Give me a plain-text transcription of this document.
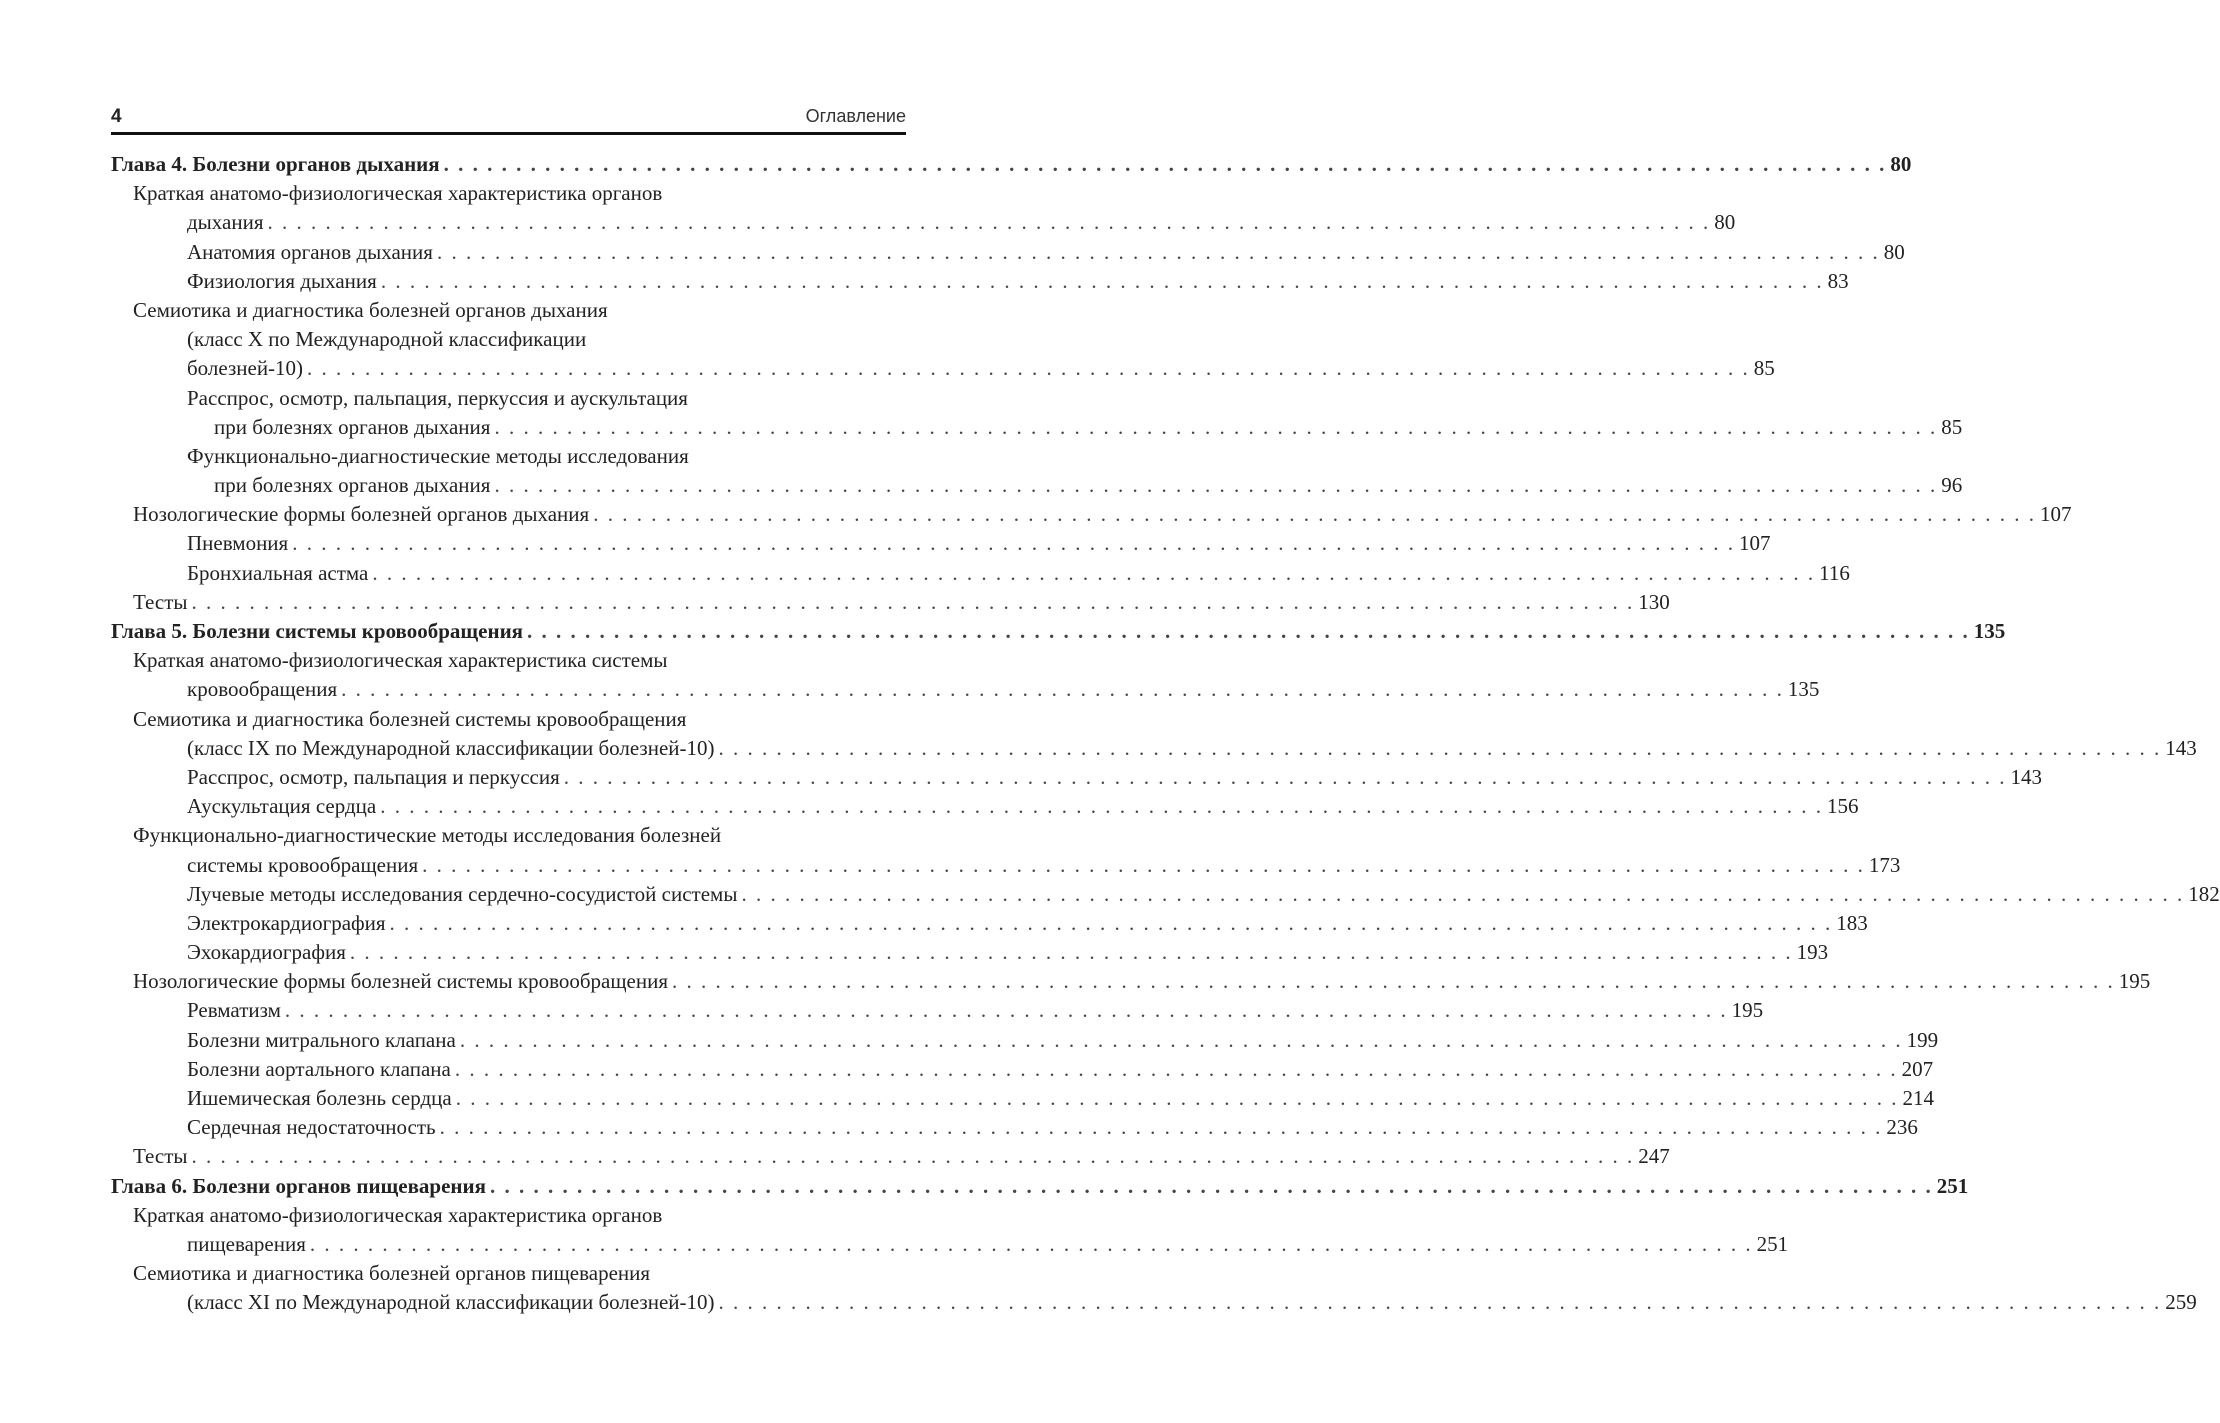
4	Оглавление
Глава 4. Болезни органов дыхания . . .	80
Краткая анатомо-физиологическая характеристика органов
дыхания . . .	80
Анатомия органов дыхания . . .	80
Физиология дыхания . . .	83
Семиотика и диагностика болезней органов дыхания
(класс X по Международной классификации
болезней-10) . . .	85
Расспрос, осмотр, пальпация, перкуссия и аускультация
при болезнях органов дыхания . . .	85
Функционально-диагностические методы исследования
при болезнях органов дыхания . . .	96
Нозологические формы болезней органов дыхания . . .	107
Пневмония . . .	107
Бронхиальная астма . . .	116
Тесты . . .	130
Глава 5. Болезни системы кровообращения . . .	135
Краткая анатомо-физиологическая характеристика системы
кровообращения . . .	135
Семиотика и диагностика болезней системы кровообращения
(класс IX по Международной классификации болезней-10) . . .	143
Расспрос, осмотр, пальпация и перкуссия . . .	143
Аускультация сердца . . .	156
Функционально-диагностические методы исследования болезней
системы кровообращения . . .	173
Лучевые методы исследования сердечно-сосудистой системы . . .	182
Электрокардиография . . .	183
Эхокардиография . . .	193
Нозологические формы болезней системы кровообращения . . .	195
Ревматизм . . .	195
Болезни митрального клапана . . .	199
Болезни аортального клапана . . .	207
Ишемическая болезнь сердца . . .	214
Сердечная недостаточность . . .	236
Тесты . . .	247
Глава 6. Болезни органов пищеварения . . .	251
Краткая анатомо-физиологическая характеристика органов
пищеварения . . .	251
Семиотика и диагностика болезней органов пищеварения
(класс XI по Международной классификации болезней-10) . . .	259
